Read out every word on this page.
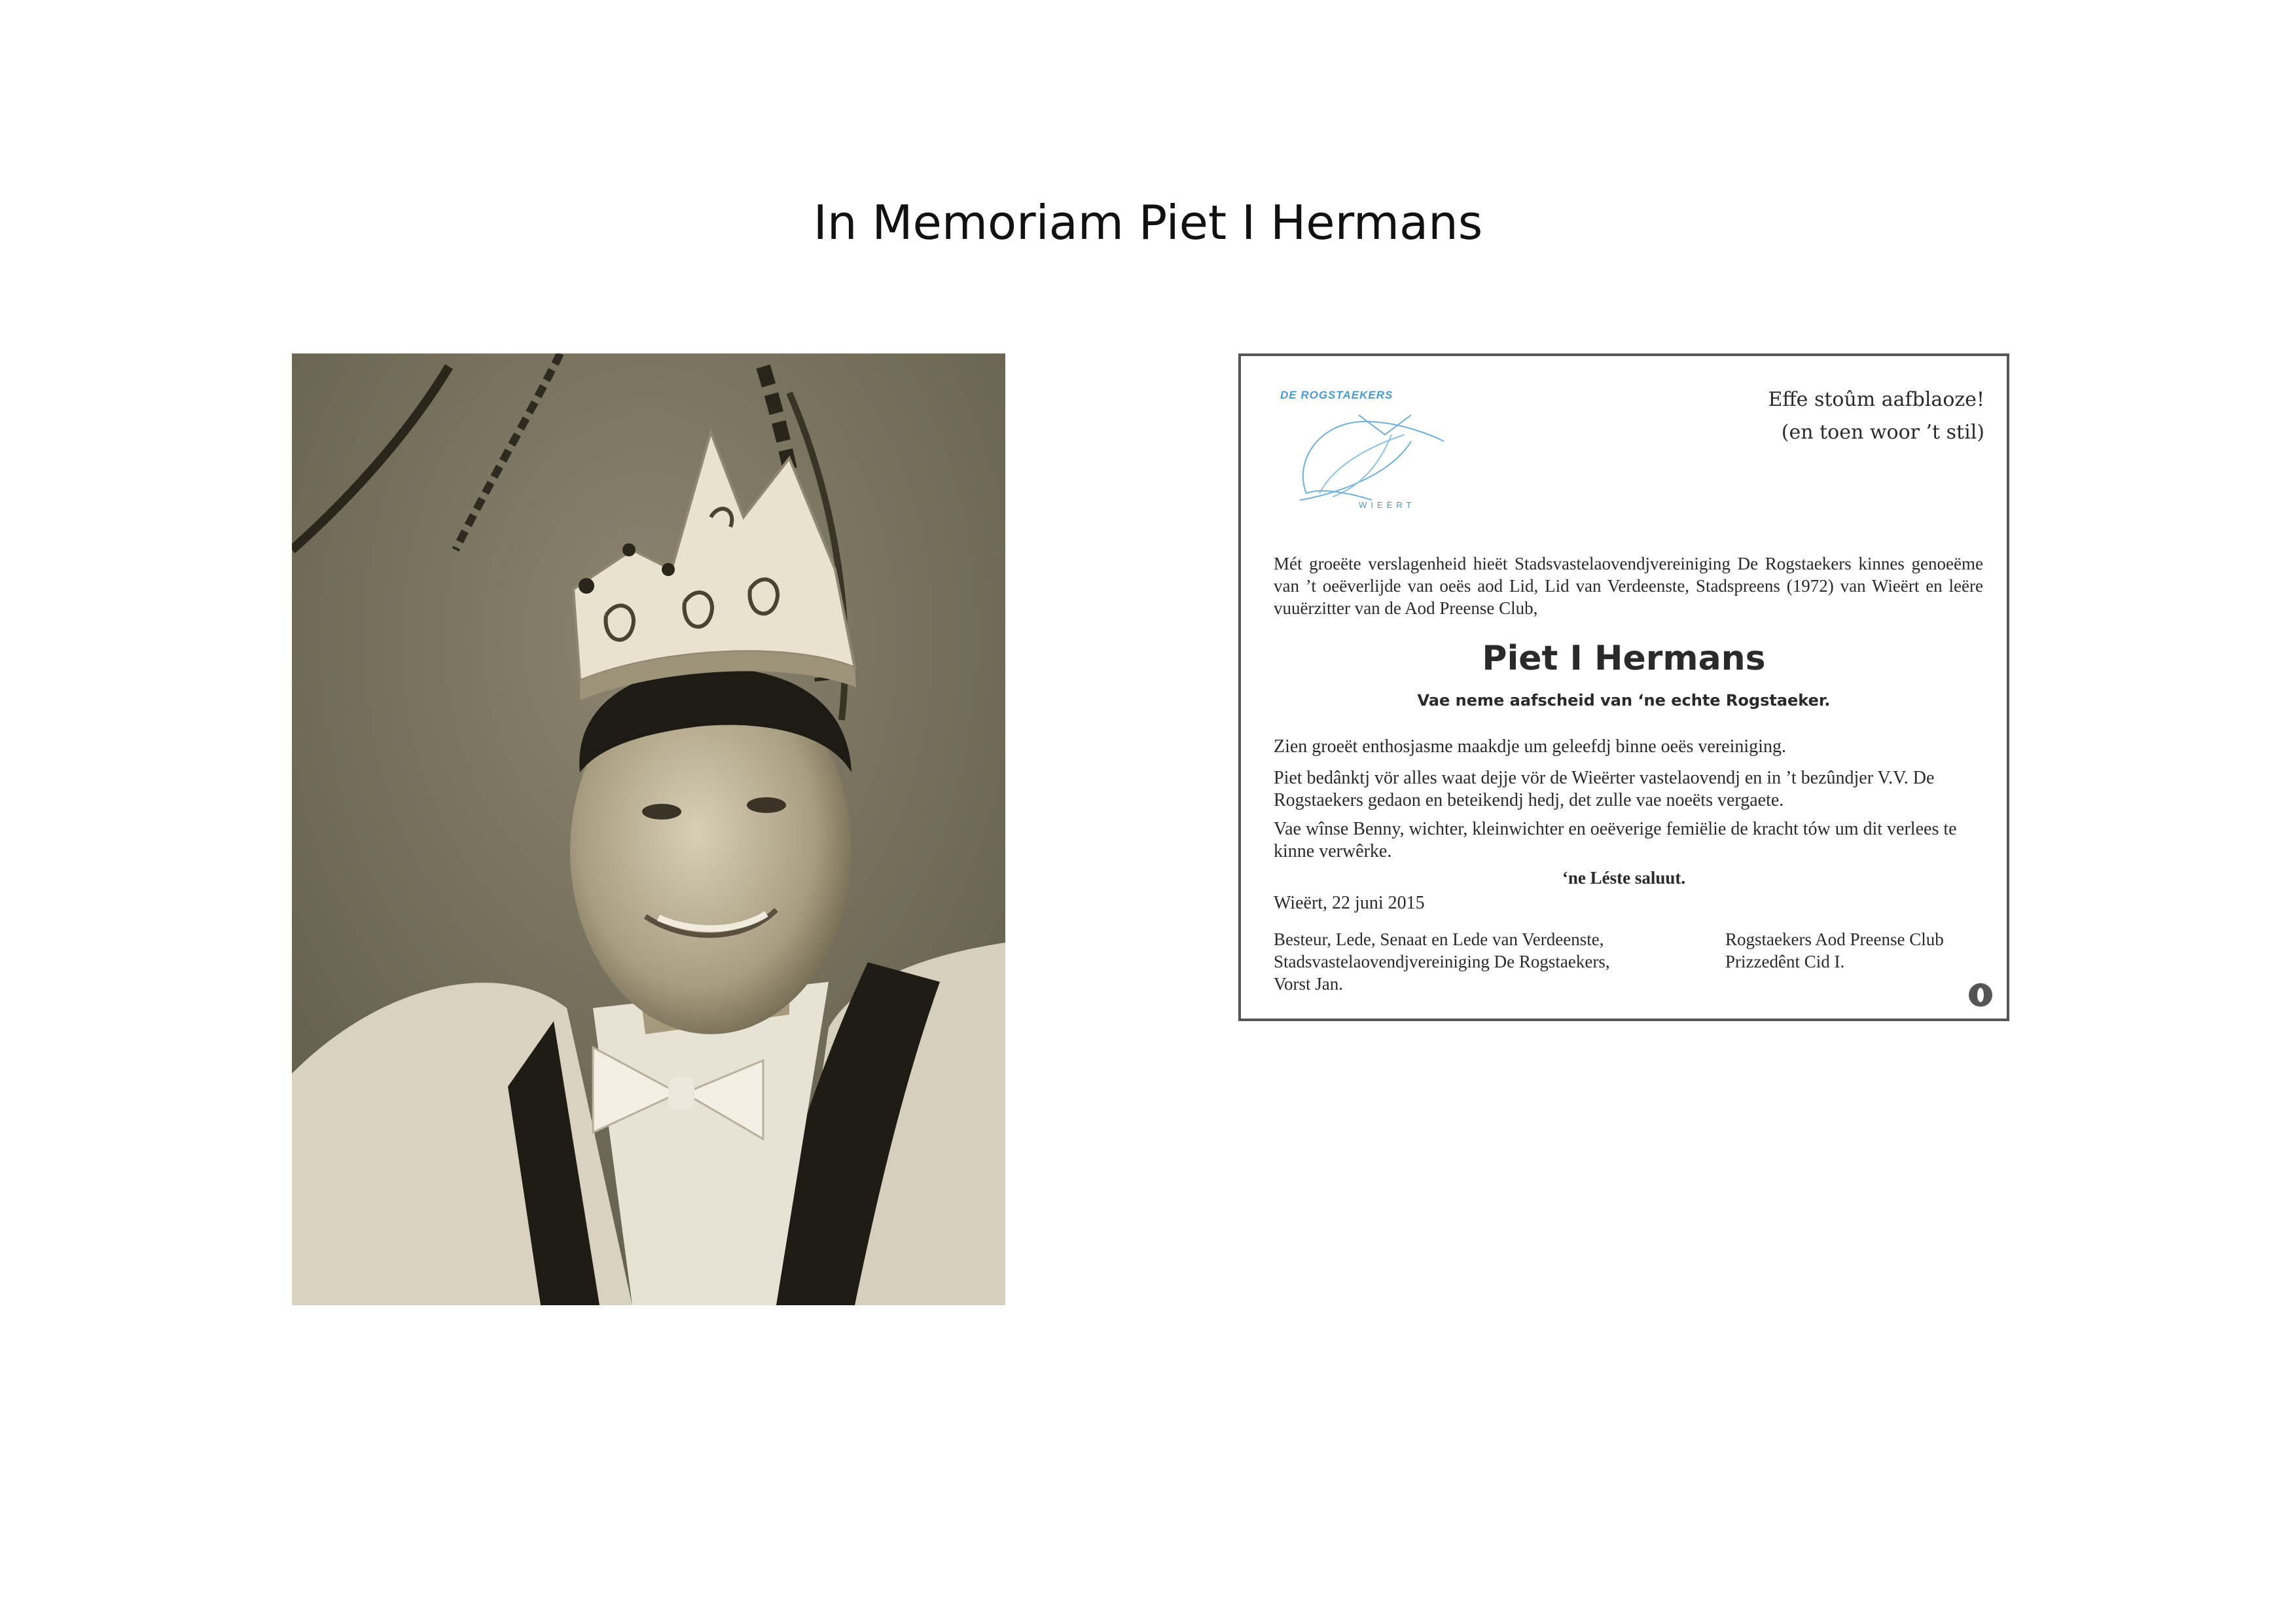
In Memoriam Piet I Hermans
DE ROGSTAEKERS
WIEËRT
Effe stoûm aafblaoze!
(en toen woor ’t stil)
Mét groeëte verslagenheid hieët Stadsvastelaovendjvereiniging De Rogstaekers kinnes genoeëme van ’t oeëverlijde van oeës aod Lid, Lid van Verdeenste, Stadspreens (1972) van Wieërt en leëre vuuërzitter van de Aod Preense Club,
Piet I Hermans
Vae neme aafscheid van ‘ne echte Rogstaeker.
Zien groeët enthosjasme maakdje um geleefdj binne oeës vereiniging.
Piet bedânktj vör alles waat dejje vör de Wieërter vastelaovendj en in ’t bezûndjer V.V. De Rogstaekers gedaon en beteikendj hedj, det zulle vae noeëts vergaete.
Vae wînse Benny, wichter, kleinwichter en oeëverige femiëlie de kracht tów um dit verlees te kinne verwêrke.
‘ne Léste saluut.
Wieërt, 22 juni 2015
Besteur, Lede, Senaat en Lede van Verdeenste,
Stadsvastelaovendjvereiniging De Rogstaekers,
Vorst Jan.
Rogstaekers Aod Preense Club
Prizzedênt Cid I.
